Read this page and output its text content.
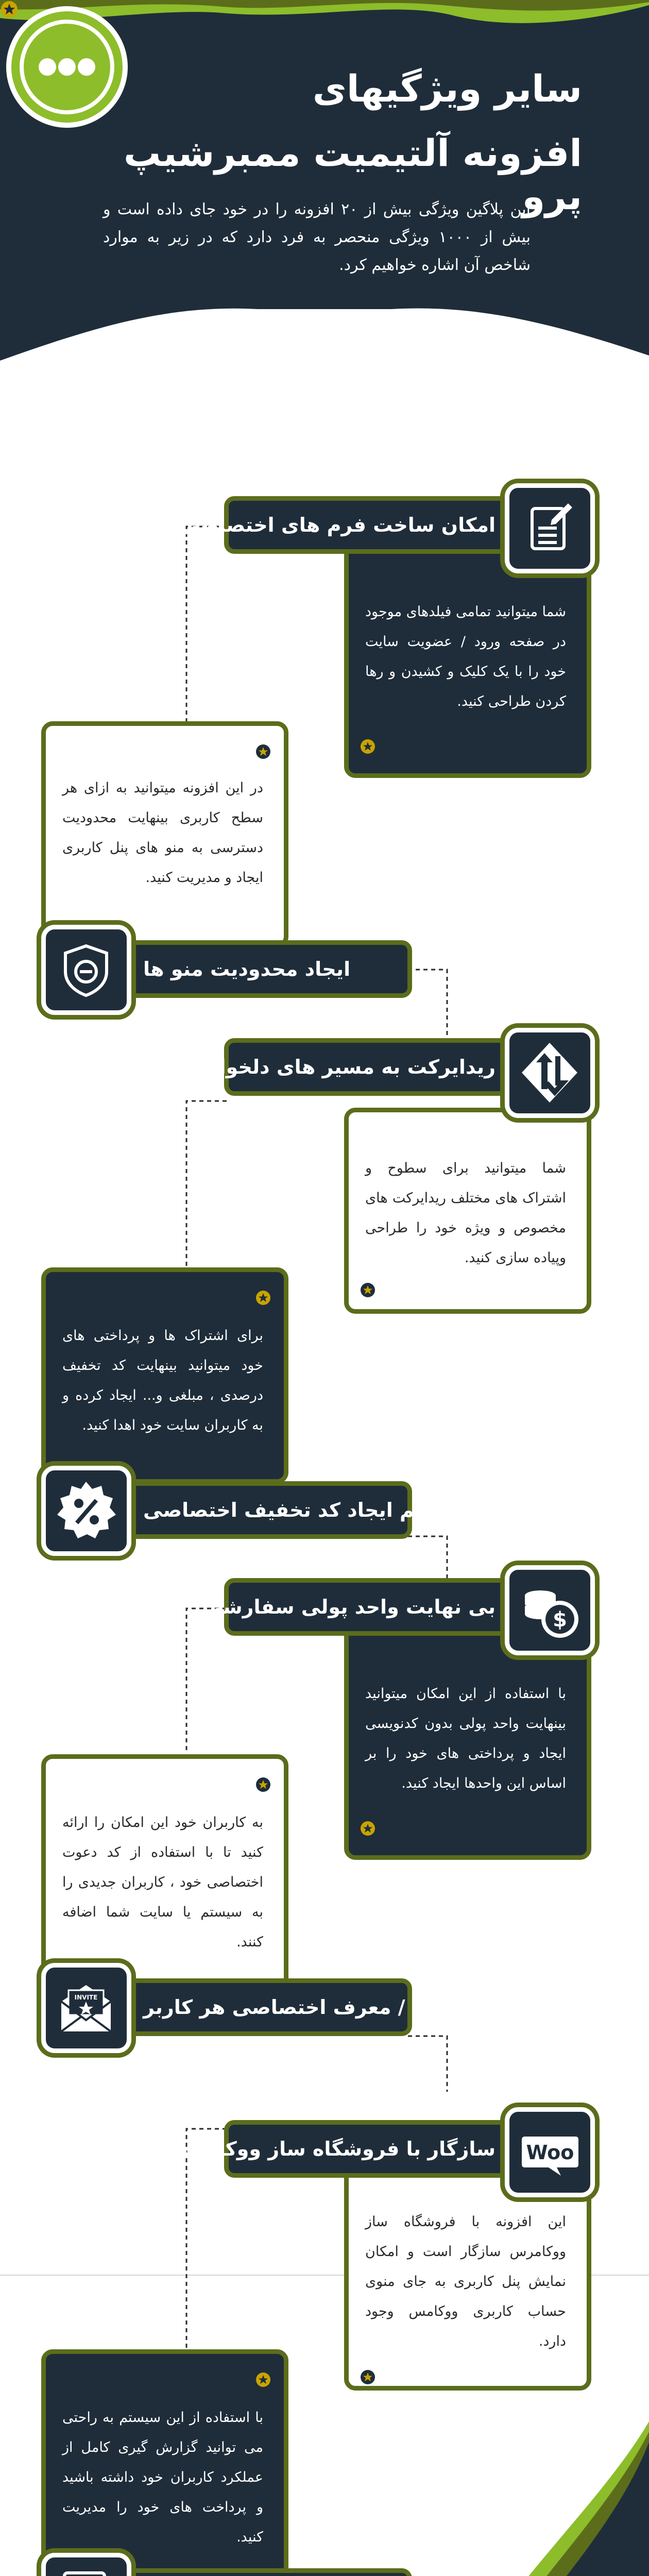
سایر ویژگیهای
افزونه آلتیمیت ممبرشیپ پرو

این پلاگین ویژگی بیش از ۲۰ افزونه را در خود جای داده است و بیش از ۱۰۰۰ ویژگی منحصر به فرد دارد که در زیر به موارد شاخص آن اشاره خواهیم کرد.

شما میتوانید تمامی فیلدهای موجود در صفحه ورود / عضویت سایت خود را با یک کلیک و کشیدن و رها کردن طراحی کنید.

امکان ساخت فرم های اختصاصی

در این افزونه میتوانید به ازای هر سطح کاربری بینهایت محدودیت دسترسی به منو های پنل کاربری ایجاد و مدیریت کنید.

ایجاد محدودیت منو ها

شما میتوانید برای سطوح و اشتراک های مختلف ریدایرکت های مخصوص و ویژه خود را طراحی وپیاده سازی کنید.

ریدایرکت به مسیر های دلخواه

برای اشتراک ها و پرداختی های خود میتوانید بینهایت کد تخفیف درصدی ، مبلغی و... ایجاد کرده و به کاربران سایت خود اهدا کنید.

سیستم ایجاد کد تخفیف اختصاصی

با استفاده از این امکان میتوانید بینهایت واحد پولی بدون کدنویسی ایجاد و پرداختی های خود را بر اساس این واحدها ایجاد کنید.

بی نهایت واحد پولی سفارشی
$

به کاربران خود این امکان را ارائه کنید تا با استفاده از کد دعوت اختصاصی خود ، کاربران جدیدی را به سیستم یا سایت شما اضافه کنند.

کد دعوت / معرف اختصاصی هر کاربر
INVITE

این افزونه با فروشگاه ساز ووکامرس سازگار است و امکان نمایش پنل کاربری به جای منوی حساب کاربری ووکامس وجود دارد.

سازگار با فروشگاه ساز ووکامرس Woo

با استفاده از این سیستم به راحتی می توانید گزارش گیری کامل از عملکرد کاربران خود داشته باشید و پرداخت های خود را مدیریت کنید.
